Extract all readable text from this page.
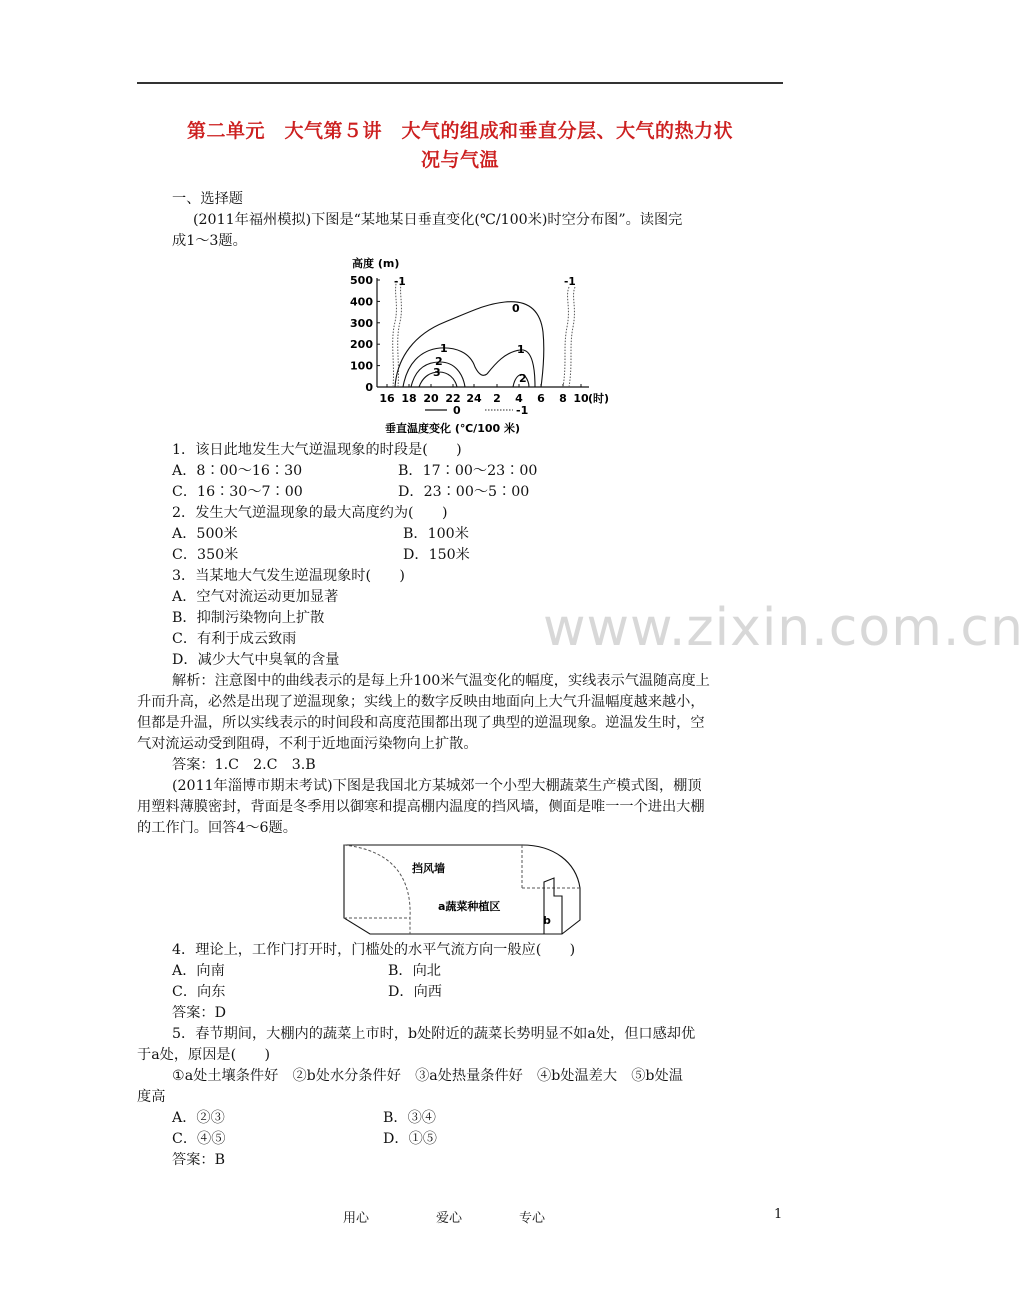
第二单元　大气第５讲　大气的组成和垂直分层、大气的热力状
况与气温
一、选择题
(2011年福州模拟)下图是“某地某日垂直变化(℃/100米)时空分布图”。读图完
成1～3题。
高度 (m)
0
100
200
300
400
500
16 18 20 22 24 2 4 6 8 10
-1	-1
0
1	1
2
3	2
0	-1
垂直温度变化 (℃/100 米)
(时)
1．该日此地发生大气逆温现象的时段是(　　)
A．8∶00～16∶30	B．17∶00～23∶00
C．16∶30～7∶00	D．23∶00～5∶00
2．发生大气逆温现象的最大高度约为(　　)
A．500米	B．100米
C．350米	D．150米
3．当某地大气发生逆温现象时(　　)
A．空气对流运动更加显著
B．抑制污染物向上扩散
C．有利于成云致雨
D．减少大气中臭氧的含量
www.zixin.com.cn
解析：注意图中的曲线表示的是每上升100米气温变化的幅度，实线表示气温随高度上
升而升高，必然是出现了逆温现象；实线上的数字反映由地面向上大气升温幅度越来越小，
但都是升温，所以实线表示的时间段和高度范围都出现了典型的逆温现象。逆温发生时，空
气对流运动受到阻碍，不利于近地面污染物向上扩散。
答案：1.C　2.C　3.B
(2011年淄博市期末考试)下图是我国北方某城郊一个小型大棚蔬菜生产模式图，棚顶
用塑料薄膜密封，背面是冬季用以御寒和提高棚内温度的挡风墙，侧面是唯一一个进出大棚
的工作门。回答4～6题。
挡风墙
a蔬菜种植区
b
4．理论上，工作门打开时，门槛处的水平气流方向一般应(　　)
A．向南	B．向北
C．向东	D．向西
答案：D
5．春节期间，大棚内的蔬菜上市时，b处附近的蔬菜长势明显不如a处，但口感却优
于a处，原因是(　　)
①a处土壤条件好　②b处水分条件好　③a处热量条件好　④b处温差大　⑤b处温
度高
A．②③	B．③④
C．④⑤	D．①⑤
答案：B
用心	爱心	专心	1
